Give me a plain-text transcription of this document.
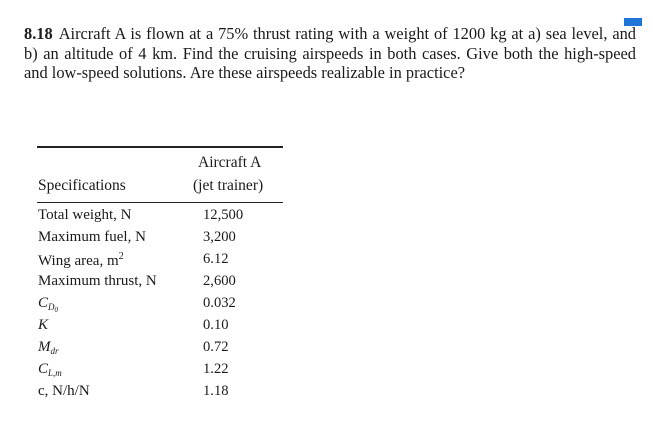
8.18 Aircraft A is flown at a 75% thrust rating with a weight of 1200 kg at a) sea level, and b) an altitude of 4 km. Find the cruising airspeeds in both cases. Give both the high-speed and low-speed solutions. Are these airspeeds realizable in practice?
Aircraft A
Specifications	(jet trainer)
Total weight, N	12,500
Maximum fuel, N	3,200
Wing area, $m^2$	6.12
Maximum thrust, N	2,600
$C_{D0}$	0.032
K	0.10
$M_{dr}$	0.72
$C_{L,m}$	1.22
c, N/h/N	1.18
